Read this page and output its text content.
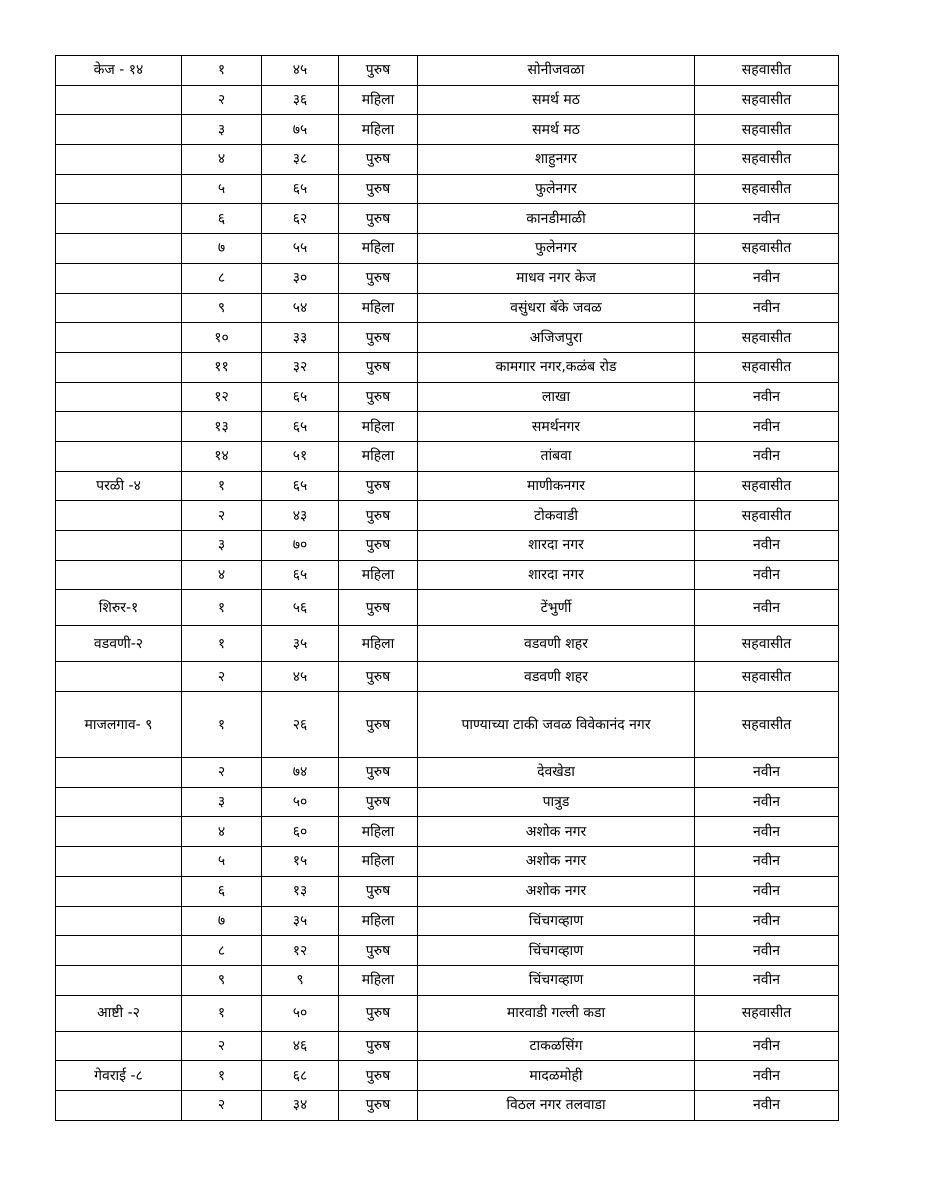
केज - १४	१	४५	पुरुष	सोनीजवळा	सहवासीत
	२	३६	महिला	समर्थ मठ	सहवासीत
	३	७५	महिला	समर्थ मठ	सहवासीत
	४	३८	पुरुष	शाहुनगर	सहवासीत
	५	६५	पुरुष	फुलेनगर	सहवासीत
	६	६२	पुरुष	कानडीमाळी	नवीन
	७	५५	महिला	फुलेनगर	सहवासीत
	८	३०	पुरुष	माधव नगर केज	नवीन
	९	५४	महिला	वसुंधरा बॅके जवळ	नवीन
	१०	३३	पुरुष	अजिजपुरा	सहवासीत
	११	३२	पुरुष	कामगार नगर,कळंब रोड	सहवासीत
	१२	६५	पुरुष	लाखा	नवीन
	१३	६५	महिला	समर्थनगर	नवीन
	१४	५१	महिला	तांबवा	नवीन
परळी -४	१	६५	पुरुष	माणीकनगर	सहवासीत
	२	४३	पुरुष	टोकवाडी	सहवासीत
	३	७०	पुरुष	शारदा नगर	नवीन
	४	६५	महिला	शारदा नगर	नवीन
शिरुर-१	१	५६	पुरुष	टेंभुर्णी	नवीन
वडवणी-२	१	३५	महिला	वडवणी शहर	सहवासीत
	२	४५	पुरुष	वडवणी शहर	सहवासीत
माजलगाव- ९	१	२६	पुरुष	पाण्याच्या टाकी जवळ विवेकानंद नगर	सहवासीत
	२	७४	पुरुष	देवखेडा	नवीन
	३	५०	पुरुष	पात्रुड	नवीन
	४	६०	महिला	अशोक नगर	नवीन
	५	१५	महिला	अशोक नगर	नवीन
	६	१३	पुरुष	अशोक नगर	नवीन
	७	३५	महिला	चिंचगव्हाण	नवीन
	८	१२	पुरुष	चिंचगव्हाण	नवीन
	९	९	महिला	चिंचगव्हाण	नवीन
आष्टी -२	१	५०	पुरुष	मारवाडी गल्ली कडा	सहवासीत
	२	४६	पुरुष	टाकळसिंग	नवीन
गेवराई -८	१	६८	पुरुष	मादळमोही	नवीन
	२	३४	पुरुष	विठल नगर तलवाडा	नवीन
